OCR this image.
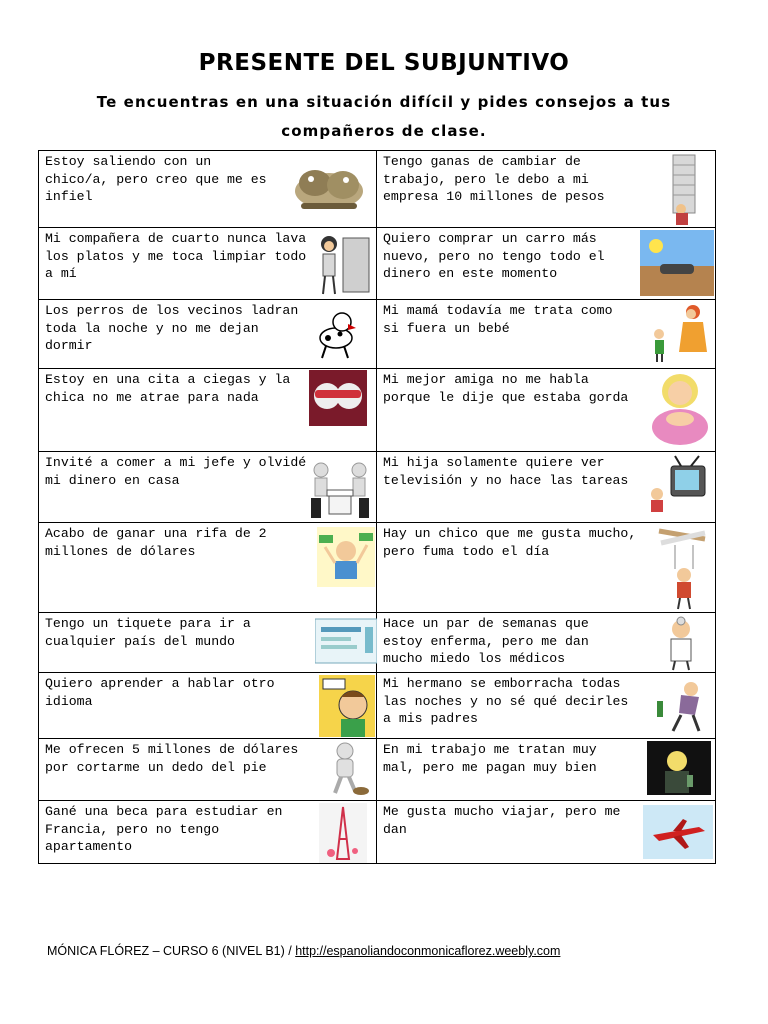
PRESENTE DEL SUBJUNTIVO
Te encuentras en una situación difícil y pides consejos a tus compañeros de clase.
Estoy saliendo con un chico/a, pero creo que me es infiel	Tengo ganas de cambiar de trabajo, pero le debo a mi empresa 10 millones de pesos

Mi compañera de cuarto nunca lava los platos y me toca limpiar todo a mí	Quiero comprar un carro más nuevo, pero no tengo todo el dinero en este momento

Los perros de los vecinos ladran toda la noche y no me dejan dormir	Mi mamá todavía me trata como si fuera un bebé

Estoy en una cita a ciegas y la chica no me atrae para nada	Mi mejor amiga no me habla porque le dije que estaba gorda

Invité a comer a mi jefe y olvidé mi dinero en casa	Mi hija solamente quiere ver televisión y no hace las tareas

Acabo de ganar una rifa de 2 millones de dólares	Hay un chico que me gusta mucho, pero fuma todo el día

Tengo un tiquete para ir a cualquier país del mundo	Hace un par de semanas que estoy enferma, pero me dan mucho miedo los médicos

Quiero aprender a hablar otro idioma	Mi hermano se emborracha todas las noches y no sé qué decirles a mis padres

Me ofrecen 5 millones de dólares por cortarme un dedo del pie	En mi trabajo me tratan muy mal, pero me pagan muy bien

Gané una beca para estudiar en Francia, pero no tengo apartamento	Me gusta mucho viajar, pero me dan
MÓNICA FLÓREZ – CURSO 6 (NIVEL B1) / http://espanoliandoconmonicaflorez.weebly.com
